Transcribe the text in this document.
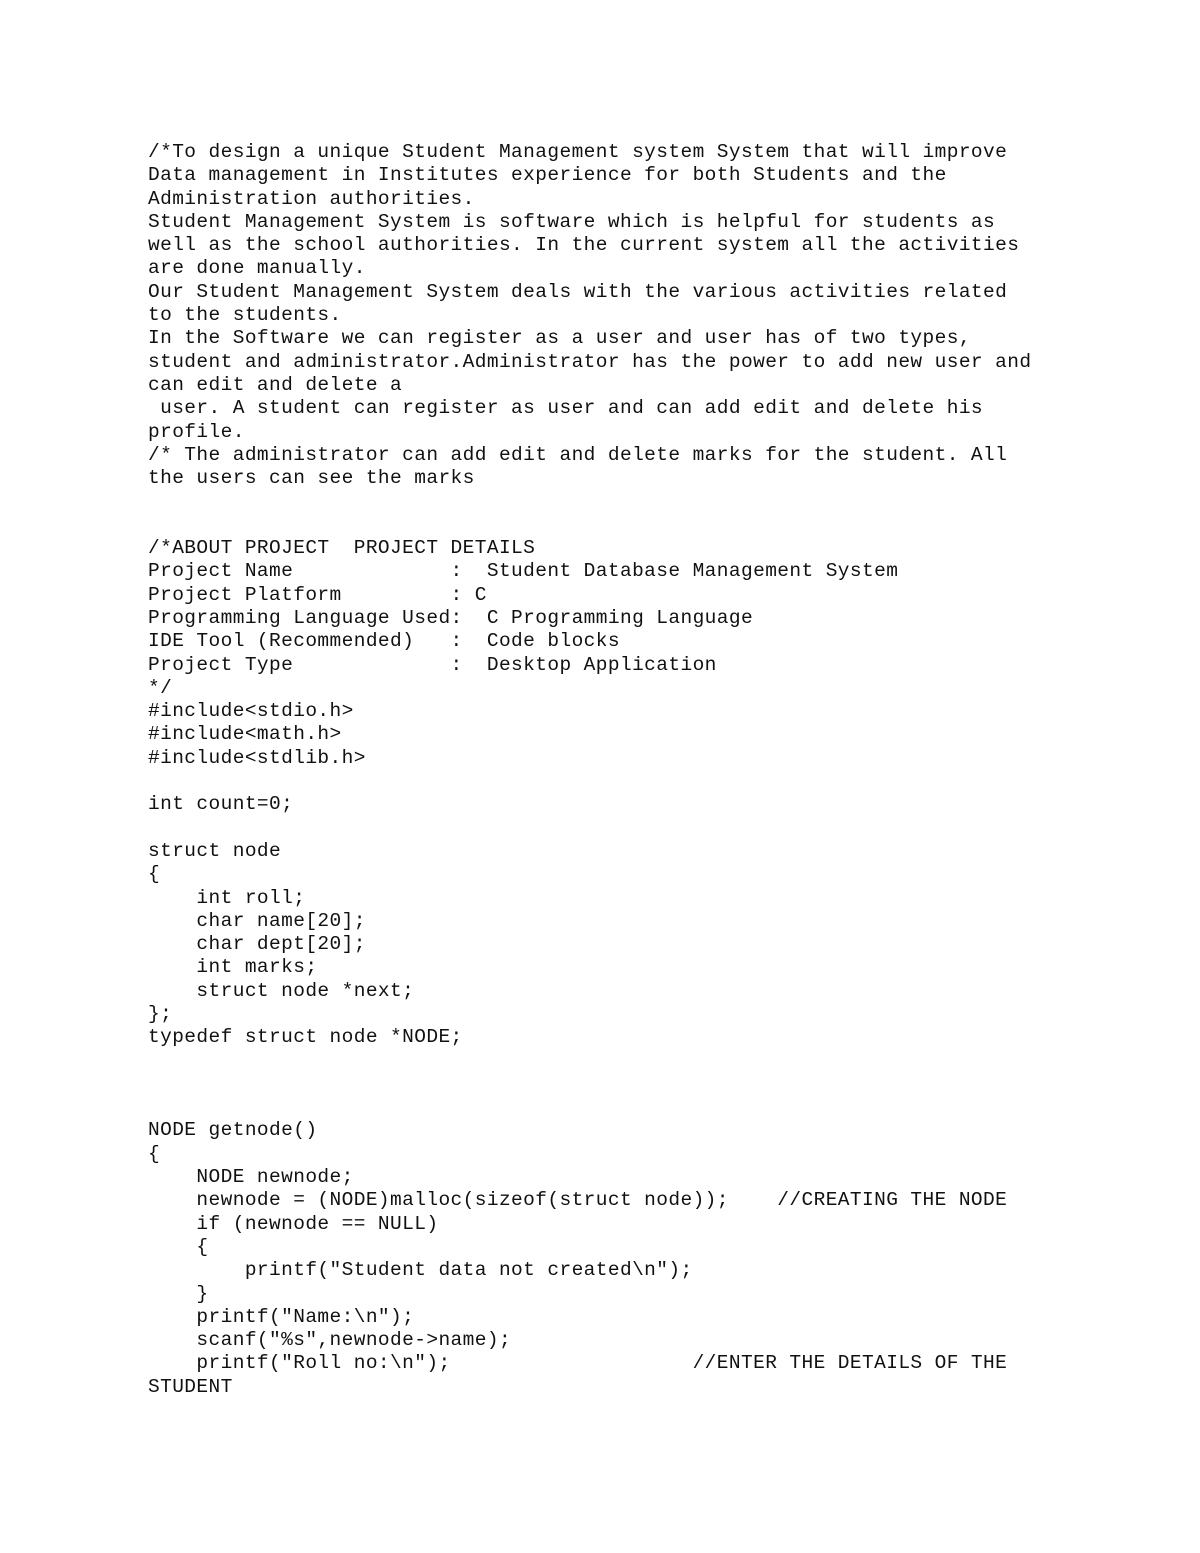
/*To design a unique Student Management system System that will improve
Data management in Institutes experience for both Students and the
Administration authorities.
Student Management System is software which is helpful for students as
well as the school authorities. In the current system all the activities
are done manually.
Our Student Management System deals with the various activities related
to the students.
In the Software we can register as a user and user has of two types,
student and administrator.Administrator has the power to add new user and
can edit and delete a
user. A student can register as user and can add edit and delete his
profile.
/* The administrator can add edit and delete marks for the student. All
the users can see the marks
/*ABOUT PROJECT  PROJECT DETAILS
Project Name             :  Student Database Management System
Project Platform         : C
Programming Language Used:  C Programming Language
IDE Tool (Recommended)   :  Code blocks
Project Type             :  Desktop Application
*/
#include<stdio.h>
#include<math.h>
#include<stdlib.h>
int count=0;
struct node
{
int roll;
char name[20];
char dept[20];
int marks;
struct node *next;
};
typedef struct node *NODE;
NODE getnode()
{
NODE newnode;
newnode = (NODE)malloc(sizeof(struct node));    //CREATING THE NODE
if (newnode == NULL)
{
printf("Student data not created\n");
}
printf("Name:\n");
scanf("%s",newnode->name);
printf("Roll no:\n");                    //ENTER THE DETAILS OF THE
STUDENT
